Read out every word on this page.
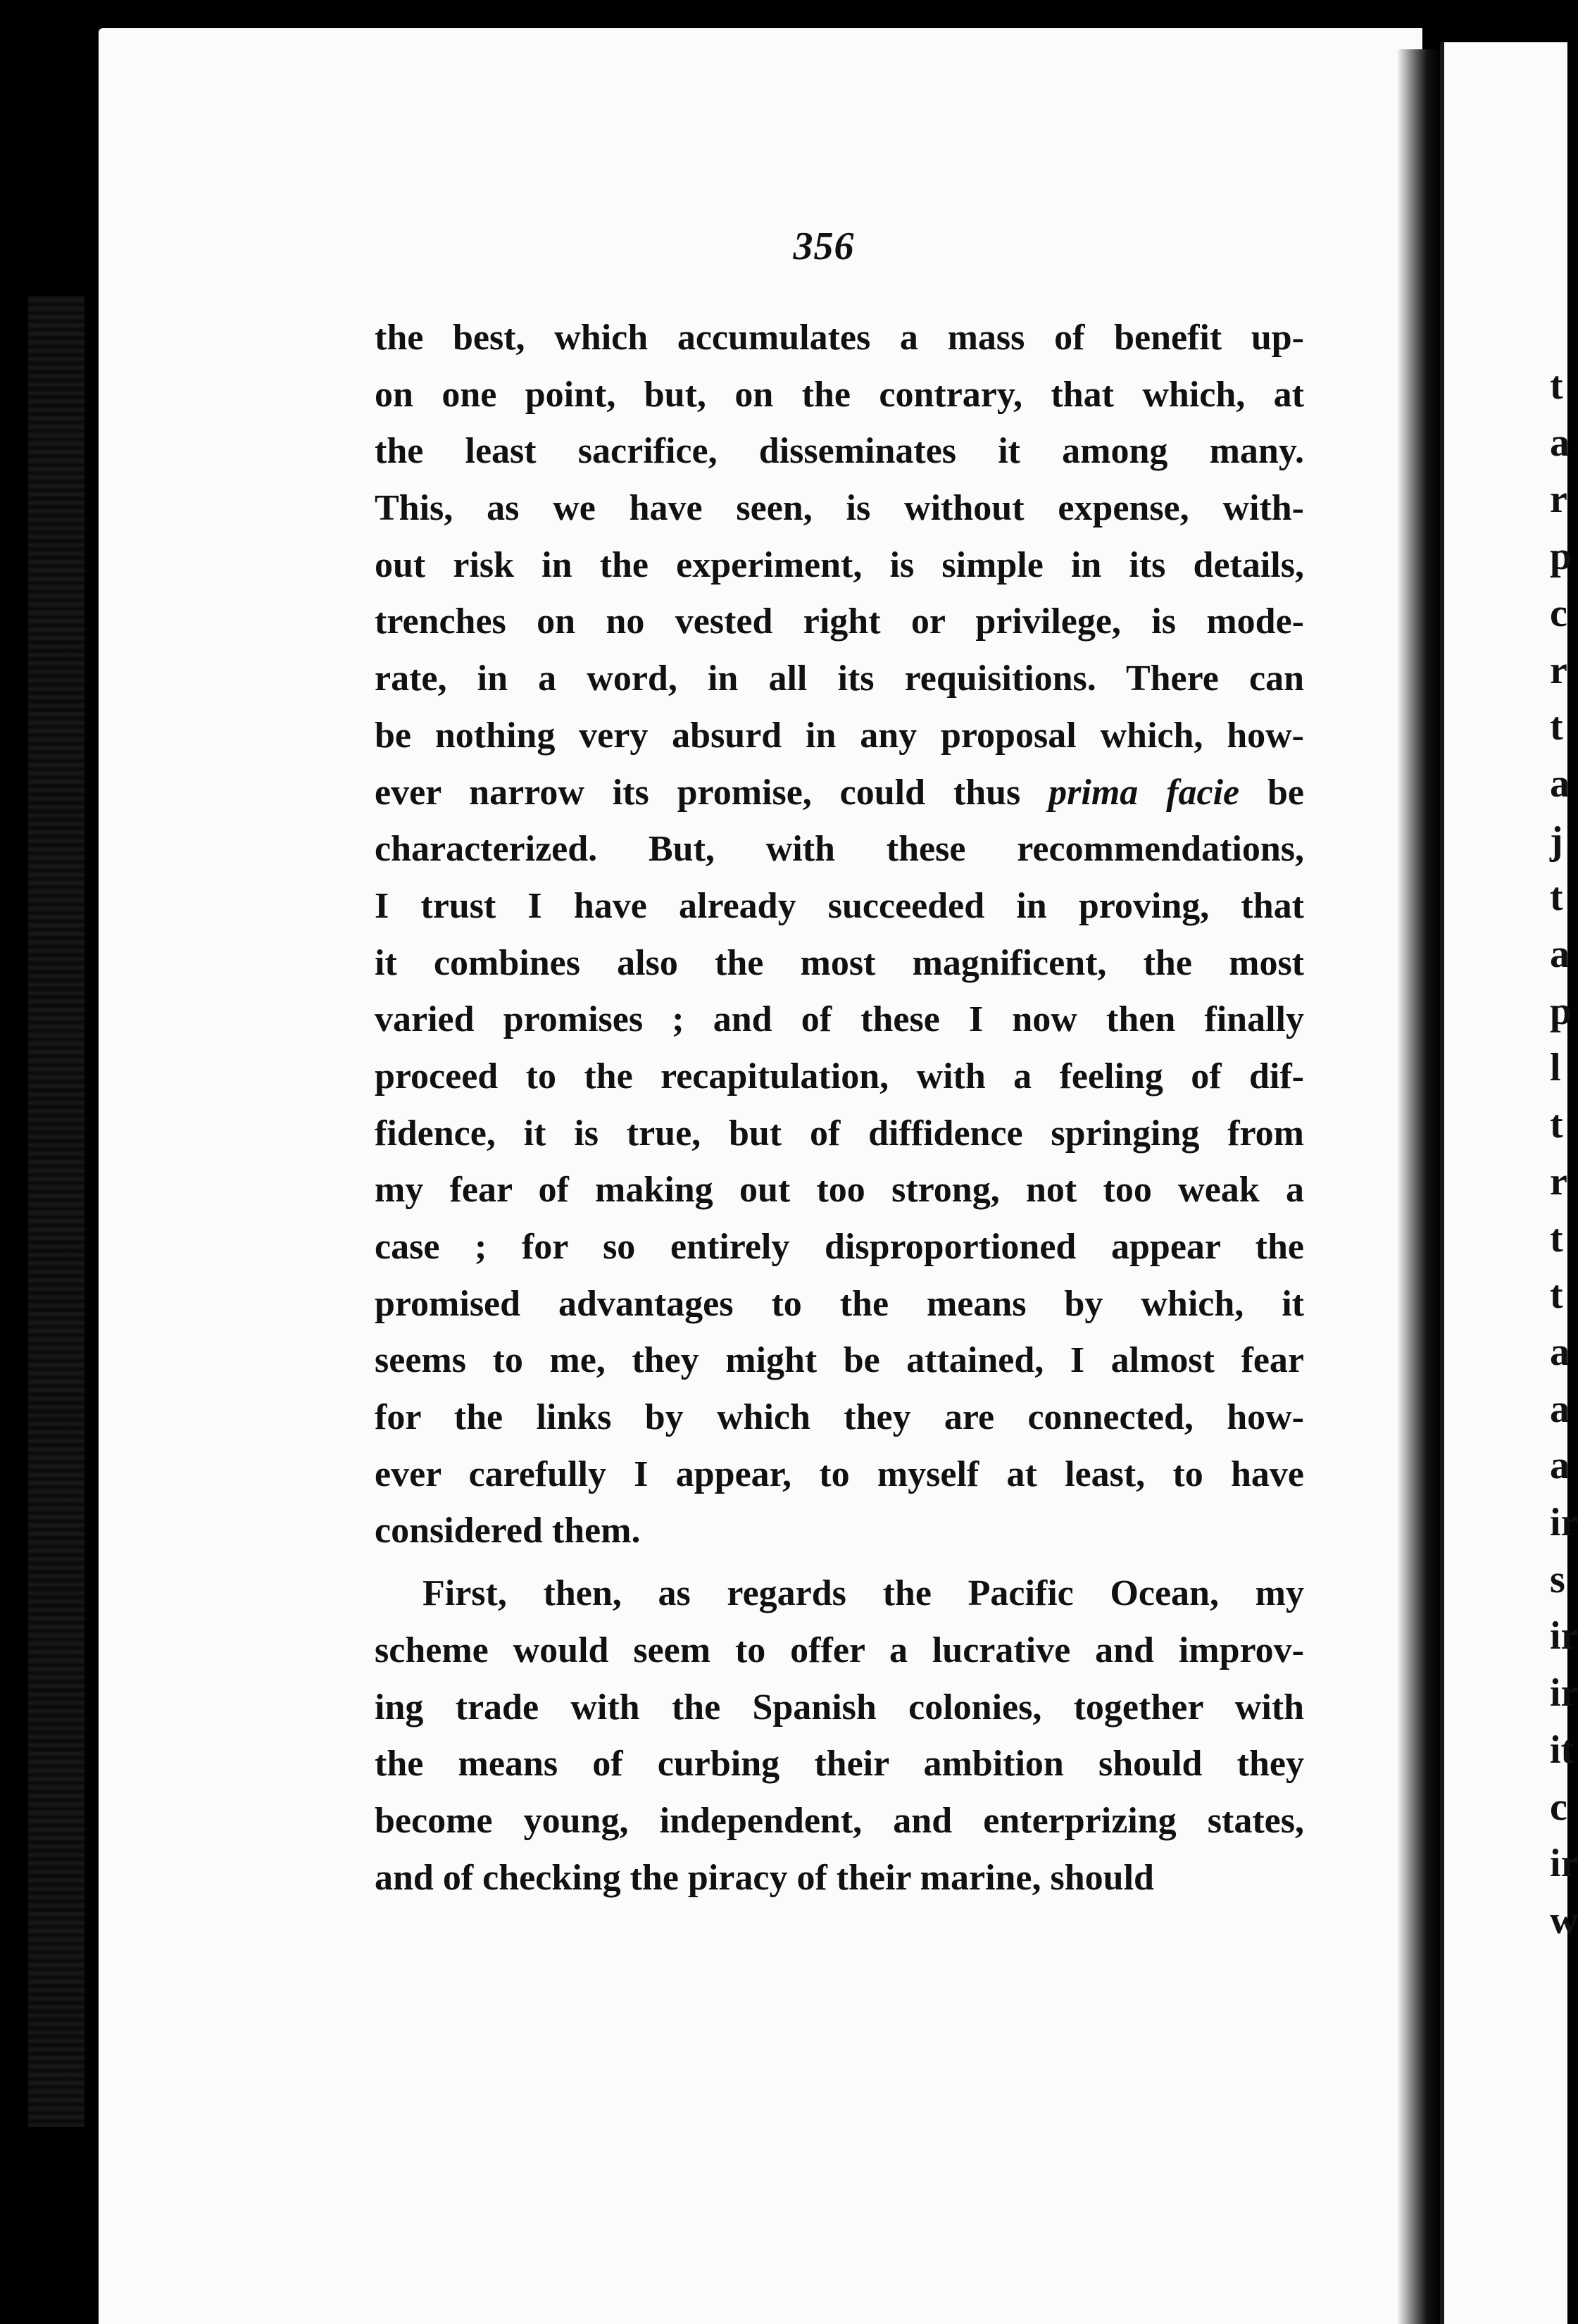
t
a
r
p
c
r
t
a
j
t
a
p
l
t
r
t
t
a
a
a
ir
s
ir
ir
it
c
ir
w
356
the best, which accumulates a mass of benefit up-
on one point, but, on the contrary, that which, at
the least sacrifice, disseminates it among many.
This, as we have seen, is without expense, with-
out risk in the experiment, is simple in its details,
trenches on no vested right or privilege, is mode-
rate, in a word, in all its requisitions. There can
be nothing very absurd in any proposal which, how-
ever narrow its promise, could thus prima facie be
characterized. But, with these recommendations,
I trust I have already succeeded in proving, that
it combines also the most magnificent, the most
varied promises ; and of these I now then finally
proceed to the recapitulation, with a feeling of dif-
fidence, it is true, but of diffidence springing from
my fear of making out too strong, not too weak a
case ; for so entirely disproportioned appear the
promised advantages to the means by which, it
seems to me, they might be attained, I almost fear
for the links by which they are connected, how-
ever carefully I appear, to myself at least, to have
considered them.
First, then, as regards the Pacific Ocean, my
scheme would seem to offer a lucrative and improv-
ing trade with the Spanish colonies, together with
the means of curbing their ambition should they
become young, independent, and enterprizing states,
and of checking the piracy of their marine, should
